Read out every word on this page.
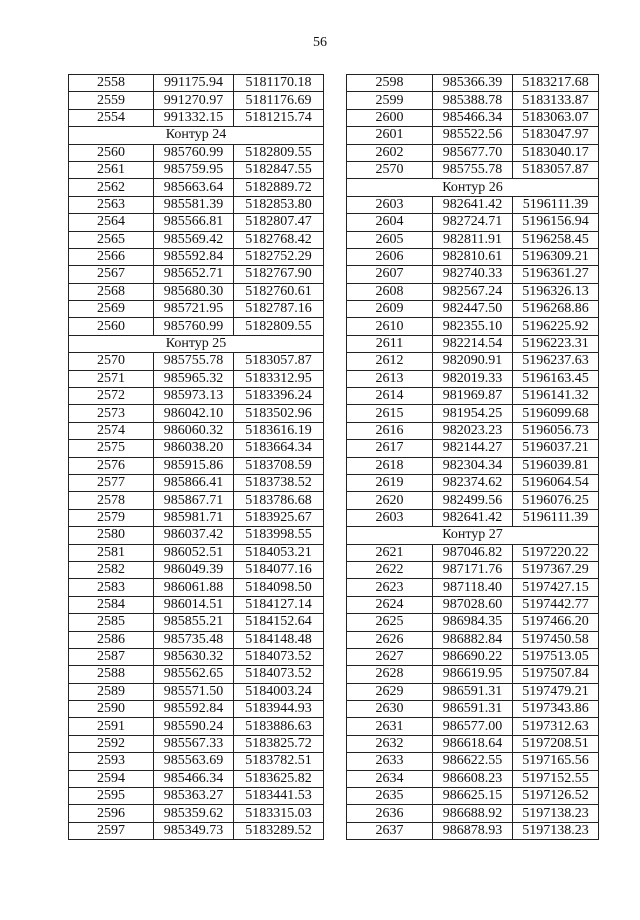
56
2558	991175.94	5181170.18
2559	991270.97	5181176.69
2554	991332.15	5181215.74
Контур 24		
2560	985760.99	5182809.55
2561	985759.95	5182847.55
2562	985663.64	5182889.72
2563	985581.39	5182853.80
2564	985566.81	5182807.47
2565	985569.42	5182768.42
2566	985592.84	5182752.29
2567	985652.71	5182767.90
2568	985680.30	5182760.61
2569	985721.95	5182787.16
2560	985760.99	5182809.55
Контур 25		
2570	985755.78	5183057.87
2571	985965.32	5183312.95
2572	985973.13	5183396.24
2573	986042.10	5183502.96
2574	986060.32	5183616.19
2575	986038.20	5183664.34
2576	985915.86	5183708.59
2577	985866.41	5183738.52
2578	985867.71	5183786.68
2579	985981.71	5183925.67
2580	986037.42	5183998.55
2581	986052.51	5184053.21
2582	986049.39	5184077.16
2583	986061.88	5184098.50
2584	986014.51	5184127.14
2585	985855.21	5184152.64
2586	985735.48	5184148.48
2587	985630.32	5184073.52
2588	985562.65	5184073.52
2589	985571.50	5184003.24
2590	985592.84	5183944.93
2591	985590.24	5183886.63
2592	985567.33	5183825.72
2593	985563.69	5183782.51
2594	985466.34	5183625.82
2595	985363.27	5183441.53
2596	985359.62	5183315.03
2597	985349.73	5183289.52
2598	985366.39	5183217.68
2599	985388.78	5183133.87
2600	985466.34	5183063.07
2601	985522.56	5183047.97
2602	985677.70	5183040.17
2570	985755.78	5183057.87
Контур 26		
2603	982641.42	5196111.39
2604	982724.71	5196156.94
2605	982811.91	5196258.45
2606	982810.61	5196309.21
2607	982740.33	5196361.27
2608	982567.24	5196326.13
2609	982447.50	5196268.86
2610	982355.10	5196225.92
2611	982214.54	5196223.31
2612	982090.91	5196237.63
2613	982019.33	5196163.45
2614	981969.87	5196141.32
2615	981954.25	5196099.68
2616	982023.23	5196056.73
2617	982144.27	5196037.21
2618	982304.34	5196039.81
2619	982374.62	5196064.54
2620	982499.56	5196076.25
2603	982641.42	5196111.39
Контур 27		
2621	987046.82	5197220.22
2622	987171.76	5197367.29
2623	987118.40	5197427.15
2624	987028.60	5197442.77
2625	986984.35	5197466.20
2626	986882.84	5197450.58
2627	986690.22	5197513.05
2628	986619.95	5197507.84
2629	986591.31	5197479.21
2630	986591.31	5197343.86
2631	986577.00	5197312.63
2632	986618.64	5197208.51
2633	986622.55	5197165.56
2634	986608.23	5197152.55
2635	986625.15	5197126.52
2636	986688.92	5197138.23
2637	986878.93	5197138.23
